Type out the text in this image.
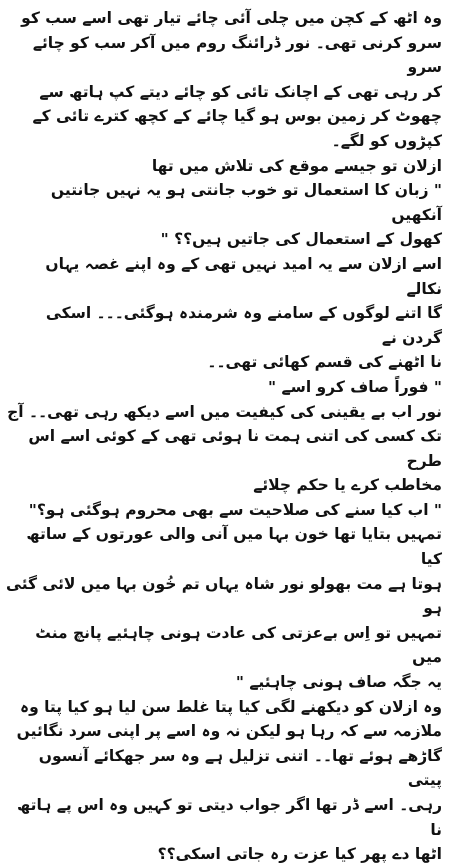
وہ اٹھ کے کچن میں چلی آئی چائے تیار تھی اسے سب کو
سرو کرنی تھی۔ نور ڈرائنگ روم میں آکر سب کو چائے سرو
کر رہی تھی کے اچانک تائی کو چائے دیتے کپ ہاتھ سے
چھوٹ کر زمین بوس ہو گیا چائے کے کچھ کترے تائی کے
کپڑوں کو لگے۔

ازلان تو جیسے موقع کی تلاش میں تھا

" زبان کا استعمال تو خوب جانتی ہو یہ نہیں جانتیں آنکھیں
کھول کے استعمال کی جاتیں ہیں؟؟ "

اسے ازلان سے یہ امید نہیں تھی کے وہ اپنے غصہ یہاں نکالے
گا اتنے لوگوں کے سامنے وہ شرمندہ ہوگئی۔۔۔ اسکی گردن نے
نا اٹھنے کی قسم کھائی تھی۔۔

" فوراً صاف کرو اسے "

نور اب بے یقینی کی کیفیت میں اسے دیکھ رہی تھی۔۔ آج
تک کسی کی اتنی ہمت نا ہوئی تھی کے کوئی اسے اس طرح
مخاطب کرے یا حکم چلائے

" اب کیا سنے کی صلاحیت سے بھی محروم ہوگئی ہو؟"
تمہیں بتایا تھا خون بہا میں آنی والی عورتوں کے ساتھ کیا
ہوتا ہے مت بھولو نور شاہ یہاں تم خُون بہا میں لائی گئی ہو
تمہیں تو اِس بےعزتی کی عادت ہونی چاہئیے پانچ منٹ میں
یہ جگہ صاف ہونی چاہئیے "

وہ ازلان کو دیکھنے لگی کیا پتا غلط سن لیا ہو کیا پتا وہ
ملازمہ سے کہ رہا ہو لیکن نہ وہ اسے پر اپنی سرد نگائیں
گاڑھے ہوئے تھا۔۔ اتنی تزلیل ہے وہ سر جھکائے آنسوں پیتی
رہی۔ اسے ڈر تھا اگر جواب دیتی تو کہیں وہ اس پے ہاتھ نا
اٹھا دے پھر کیا عزت رہ جاتی اسکی؟؟
